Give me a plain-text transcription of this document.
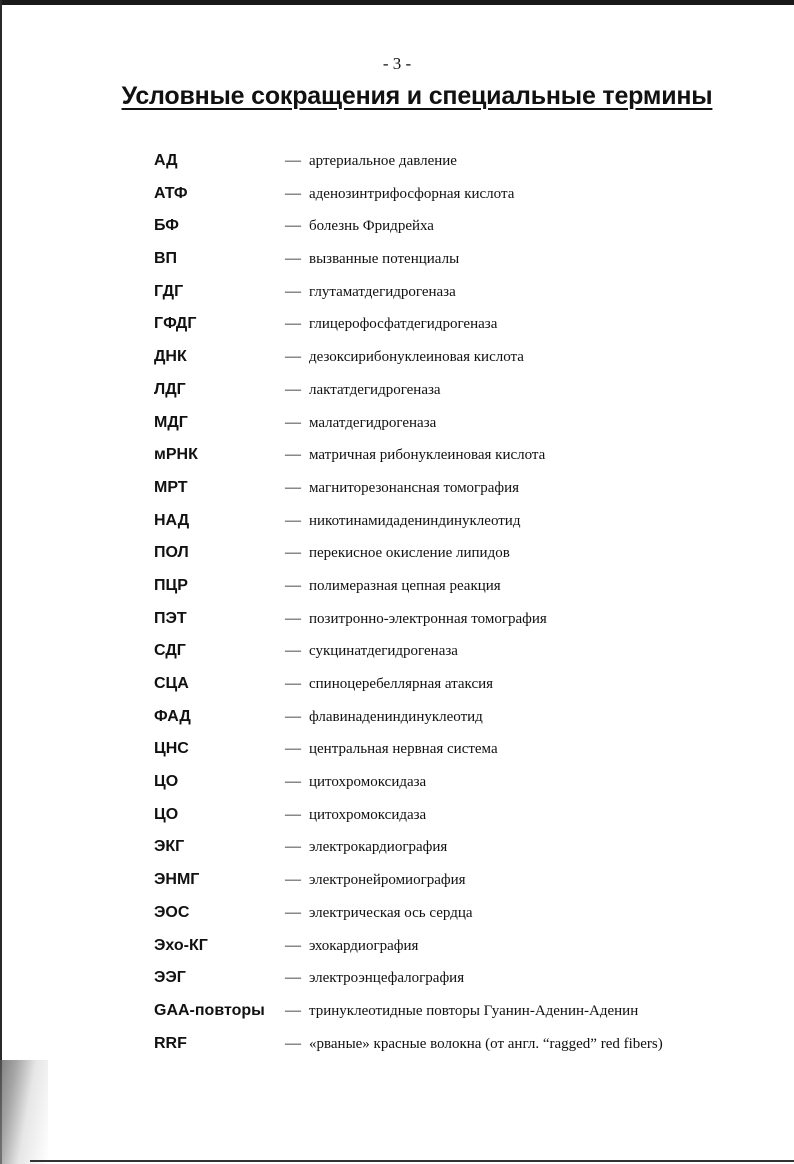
- 3 -
Условные сокращения и специальные термины
АД	— артериальное давление
АТФ	— аденозинтрифосфорная кислота
БФ	— болезнь Фридрейха
ВП	— вызванные потенциалы
ГДГ	— глутаматдегидрогеназа
ГФДГ	— глицерофосфатдегидрогеназа
ДНК	— дезоксирибонуклеиновая кислота
ЛДГ	— лактатдегидрогеназа
МДГ	— малатдегидрогеназа
мРНК	— матричная рибонуклеиновая кислота
МРТ	— магниторезонансная томография
НАД	— никотинамидадениндинуклеотид
ПОЛ	— перекисное окисление липидов
ПЦР	— полимеразная цепная реакция
ПЭТ	— позитронно-электронная томография
СДГ	— сукцинатдегидрогеназа
СЦА	— спиноцеребеллярная атаксия
ФАД	— флавинадениндинуклеотид
ЦНС	— центральная нервная система
ЦО	— цитохромоксидаза
ЦО	— цитохромоксидаза
ЭКГ	— электрокардиография
ЭНМГ	— электронейромиография
ЭОС	— электрическая ось сердца
Эхо-КГ	— эхокардиография
ЭЭГ	— электроэнцефалография
GAA-повторы — тринуклеотидные повторы Гуанин-Аденин-Аденин
RRF	— «рваные» красные волокна (от англ. “ragged” red fibers)
